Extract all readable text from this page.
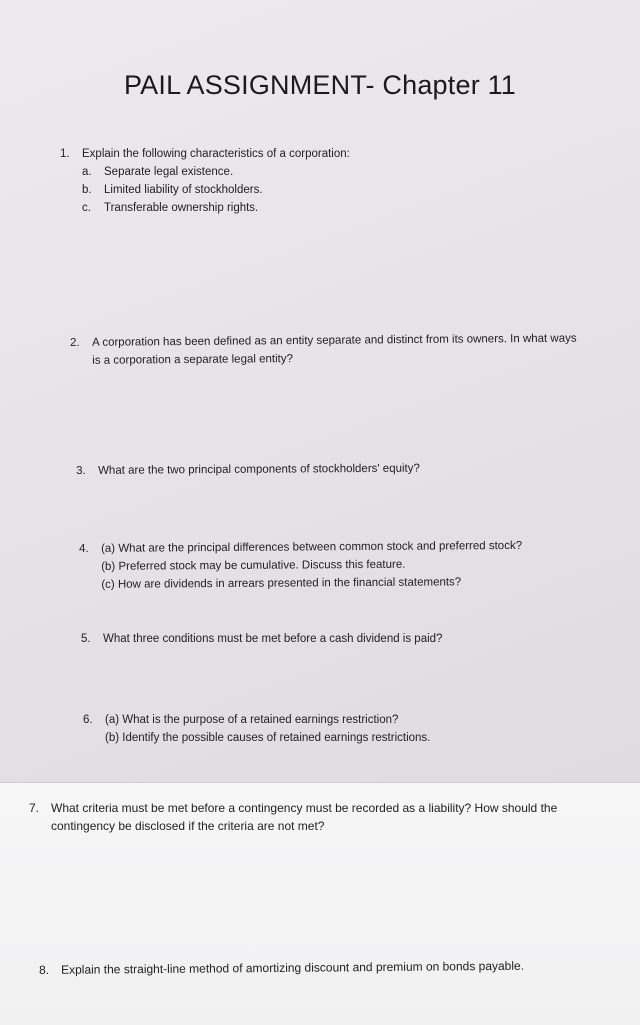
PAIL ASSIGNMENT- Chapter 11
1. Explain the following characteristics of a corporation:
a.	Separate legal existence.
b.	Limited liability of stockholders.
c.	Transferable ownership rights.
2. A corporation has been defined as an entity separate and distinct from its owners. In what ways
is a corporation a separate legal entity?
3. What are the two principal components of stockholders' equity?
4. (a) What are the principal differences between common stock and preferred stock?
(b) Preferred stock may be cumulative. Discuss this feature.
(c) How are dividends in arrears presented in the financial statements?
5. What three conditions must be met before a cash dividend is paid?
6. (a) What is the purpose of a retained earnings restriction?
(b) Identify the possible causes of retained earnings restrictions.
7. What criteria must be met before a contingency must be recorded as a liability? How should the
contingency be disclosed if the criteria are not met?
8. Explain the straight-line method of amortizing discount and premium on bonds payable.
